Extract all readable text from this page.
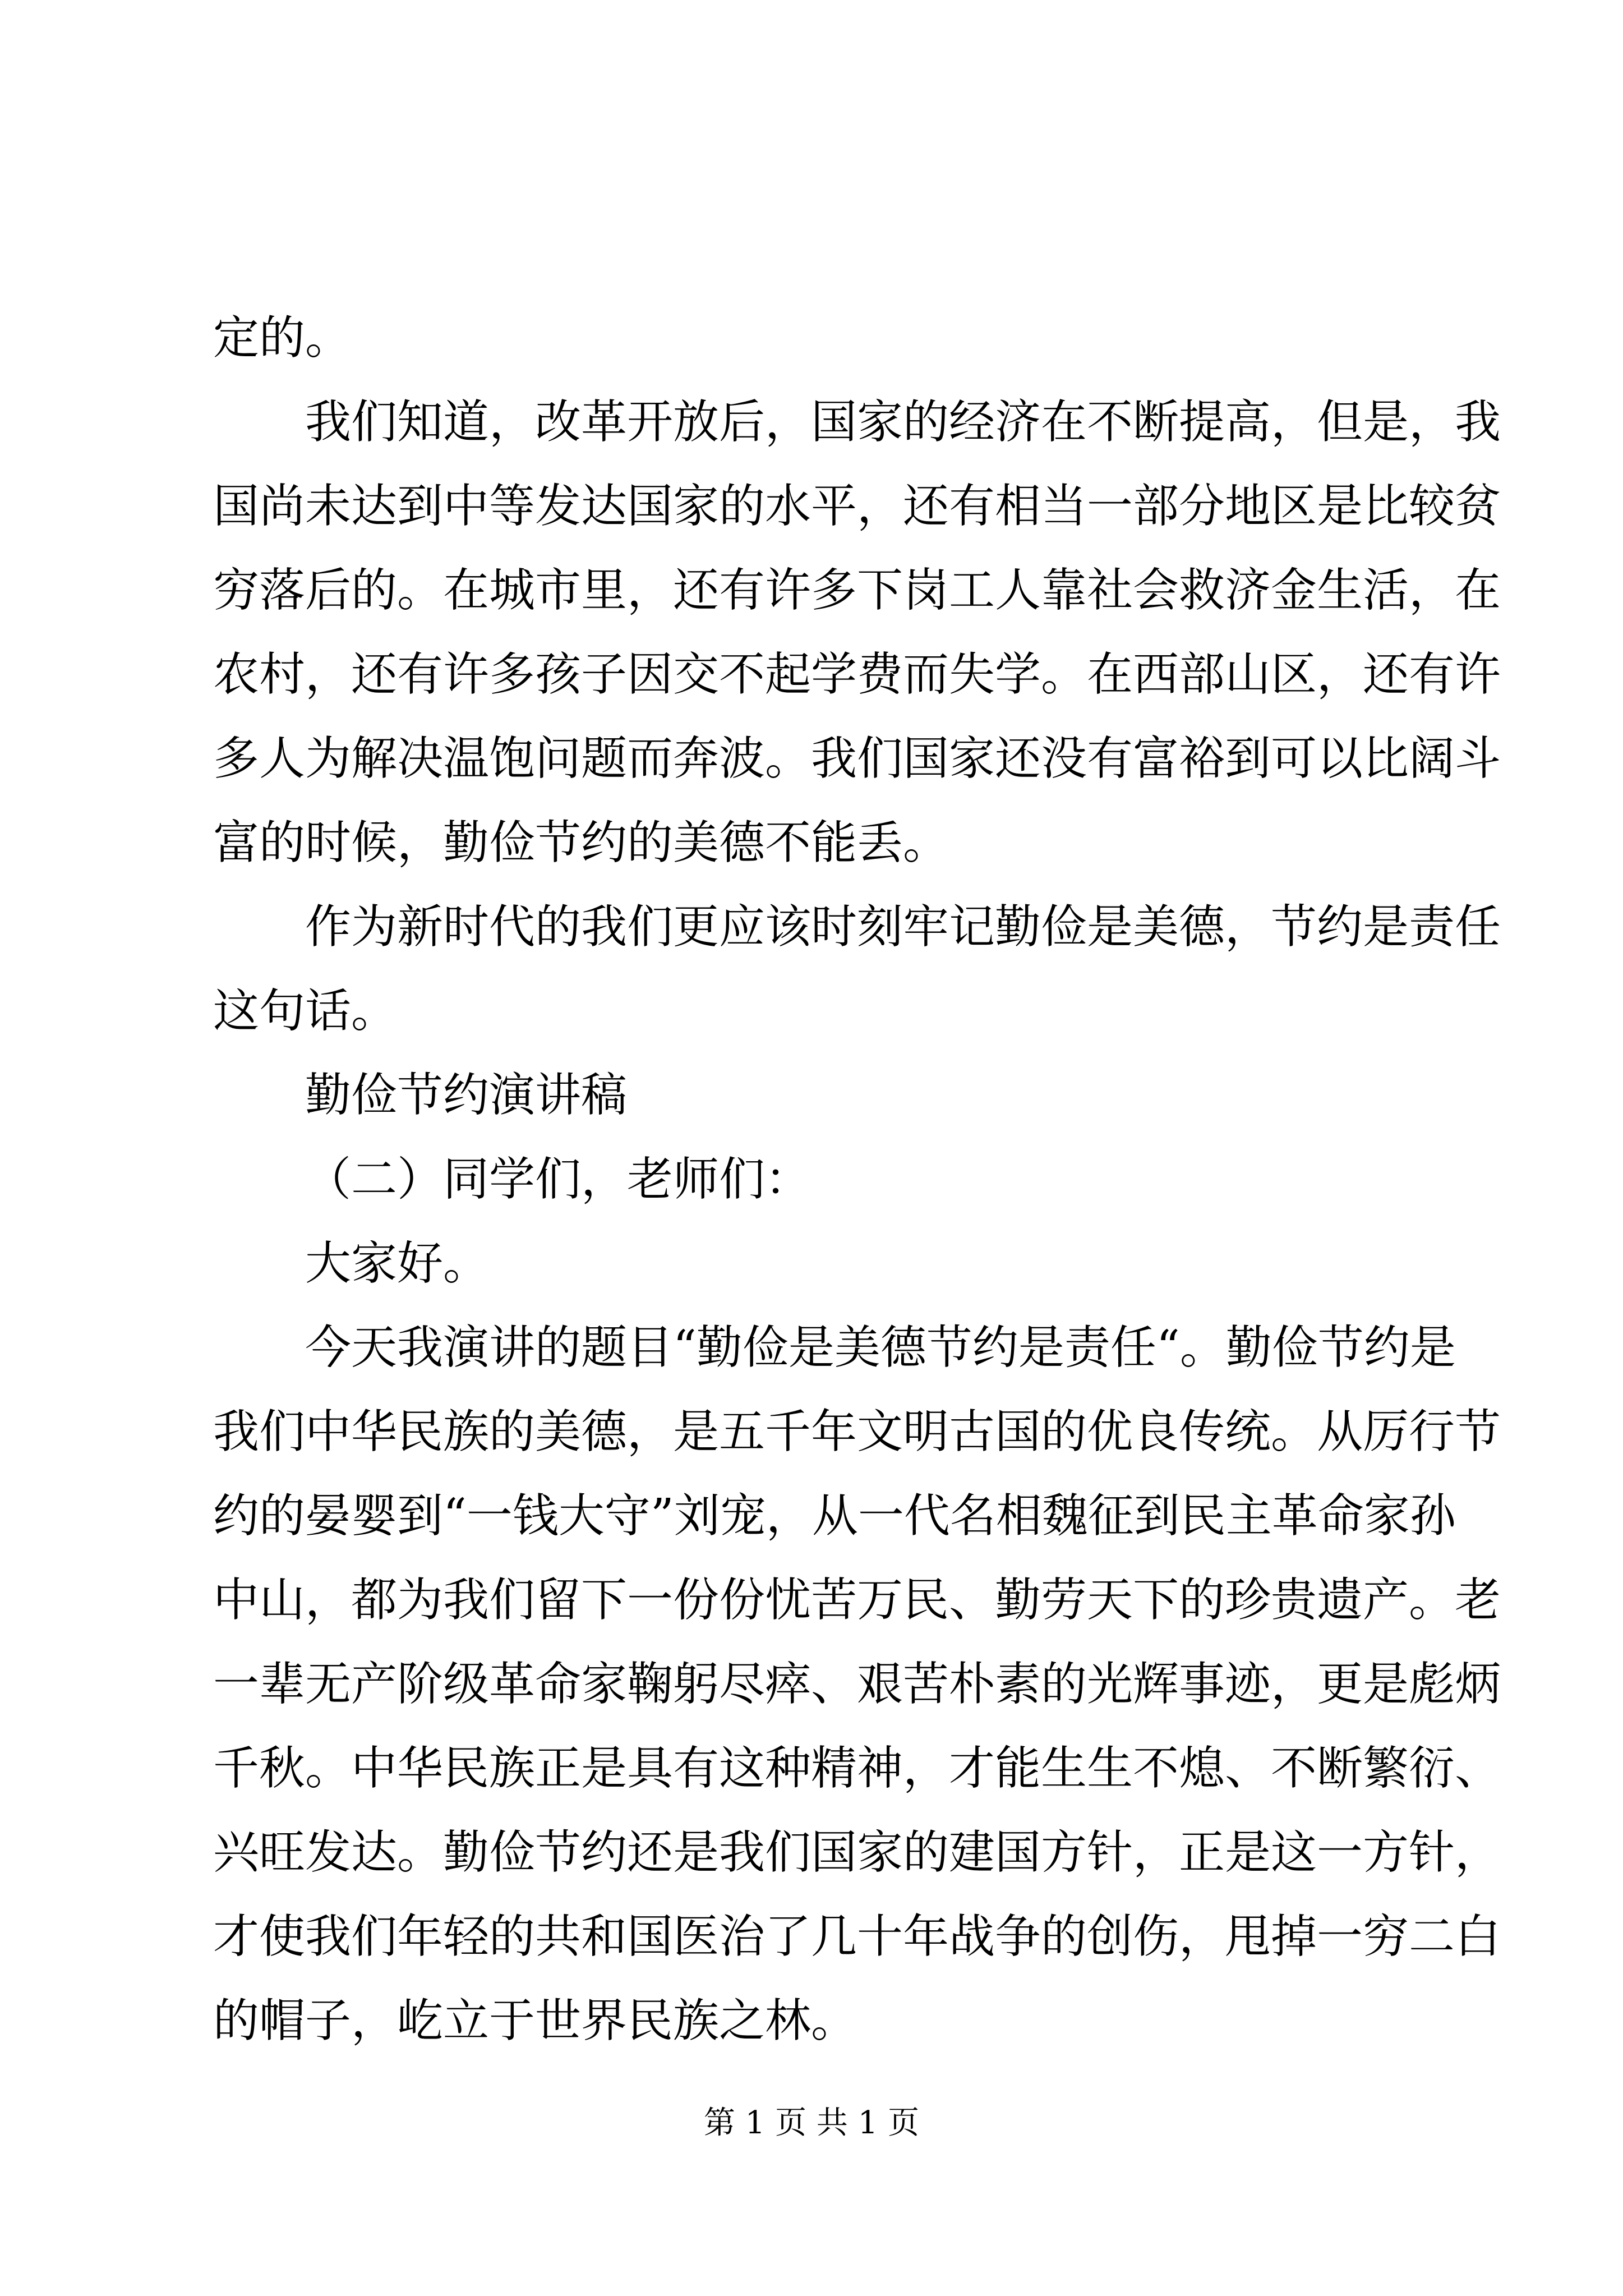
定的。
我们知道，改革开放后，国家的经济在不断提高，但是，我
国尚未达到中等发达国家的水平，还有相当一部分地区是比较贫
穷落后的。在城市里，还有许多下岗工人靠社会救济金生活，在
农村，还有许多孩子因交不起学费而失学。在西部山区，还有许
多人为解决温饱问题而奔波。我们国家还没有富裕到可以比阔斗
富的时候，勤俭节约的美德不能丢。
作为新时代的我们更应该时刻牢记勤俭是美德，节约是责任
这句话。
勤俭节约演讲稿
（二）同学们，老师们：
大家好。
今天我演讲的题目“勤俭是美德节约是责任“。勤俭节约是
我们中华民族的美德，是五千年文明古国的优良传统。从厉行节
约的晏婴到“一钱大守”刘宠，从一代名相魏征到民主革命家孙
中山，都为我们留下一份份忧苦万民、勤劳天下的珍贵遗产。老
一辈无产阶级革命家鞠躬尽瘁、艰苦朴素的光辉事迹，更是彪炳
千秋。中华民族正是具有这种精神，才能生生不熄、不断繁衍、
兴旺发达。勤俭节约还是我们国家的建国方针，正是这一方针，
才使我们年轻的共和国医治了几十年战争的创伤，甩掉一穷二白
的帽子，屹立于世界民族之林。
第 1 页 共 1 页
